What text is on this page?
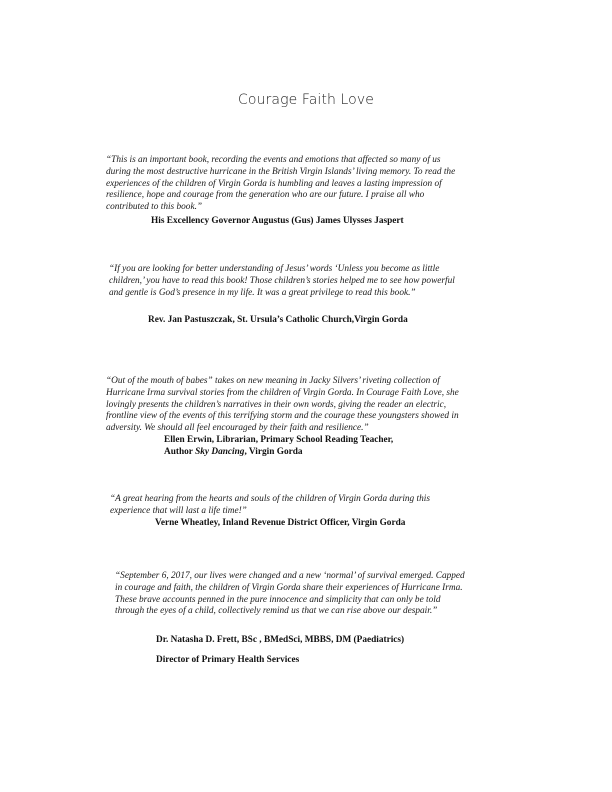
Courage Faith Love
“This is an important book, recording the events and emotions that affected so many of us during the most destructive hurricane in the British Virgin Islands’ living memory. To read the experiences of the children of Virgin Gorda is humbling and leaves a lasting impression of resilience, hope and courage from the generation who are our future. I praise all who contributed to this book.”
His Excellency Governor Augustus (Gus) James Ulysses Jaspert
“If you are looking for better understanding of Jesus’ words ‘Unless you become as little children,’ you have to read this book! Those children’s stories helped me to see how powerful and gentle is God’s presence in my life. It was a great privilege to read this book.”
Rev. Jan Pastuszczak, St. Ursula’s Catholic Church,Virgin Gorda
“Out of the mouth of babes” takes on new meaning in Jacky Silvers’ riveting collection of Hurricane Irma survival stories from the children of Virgin Gorda. In Courage Faith Love, she lovingly presents the children’s narratives in their own words, giving the reader an electric, frontline view of the events of this terrifying storm and the courage these youngsters showed in adversity. We should all feel encouraged by their faith and resilience.”
Ellen Erwin, Librarian, Primary School Reading Teacher,
Author Sky Dancing, Virgin Gorda
“A great hearing from the hearts and souls of the children of Virgin Gorda during this experience that will last a life time!”
Verne Wheatley, Inland Revenue District Officer, Virgin Gorda
“September 6, 2017, our lives were changed and a new ‘normal’ of survival emerged. Capped in courage and faith, the children of Virgin Gorda share their experiences of Hurricane Irma. These brave accounts penned in the pure innocence and simplicity that can only be told through the eyes of a child, collectively remind us that we can rise above our despair.”
Dr. Natasha D. Frett, BSc , BMedSci, MBBS, DM (Paediatrics)
Director of Primary Health Services
